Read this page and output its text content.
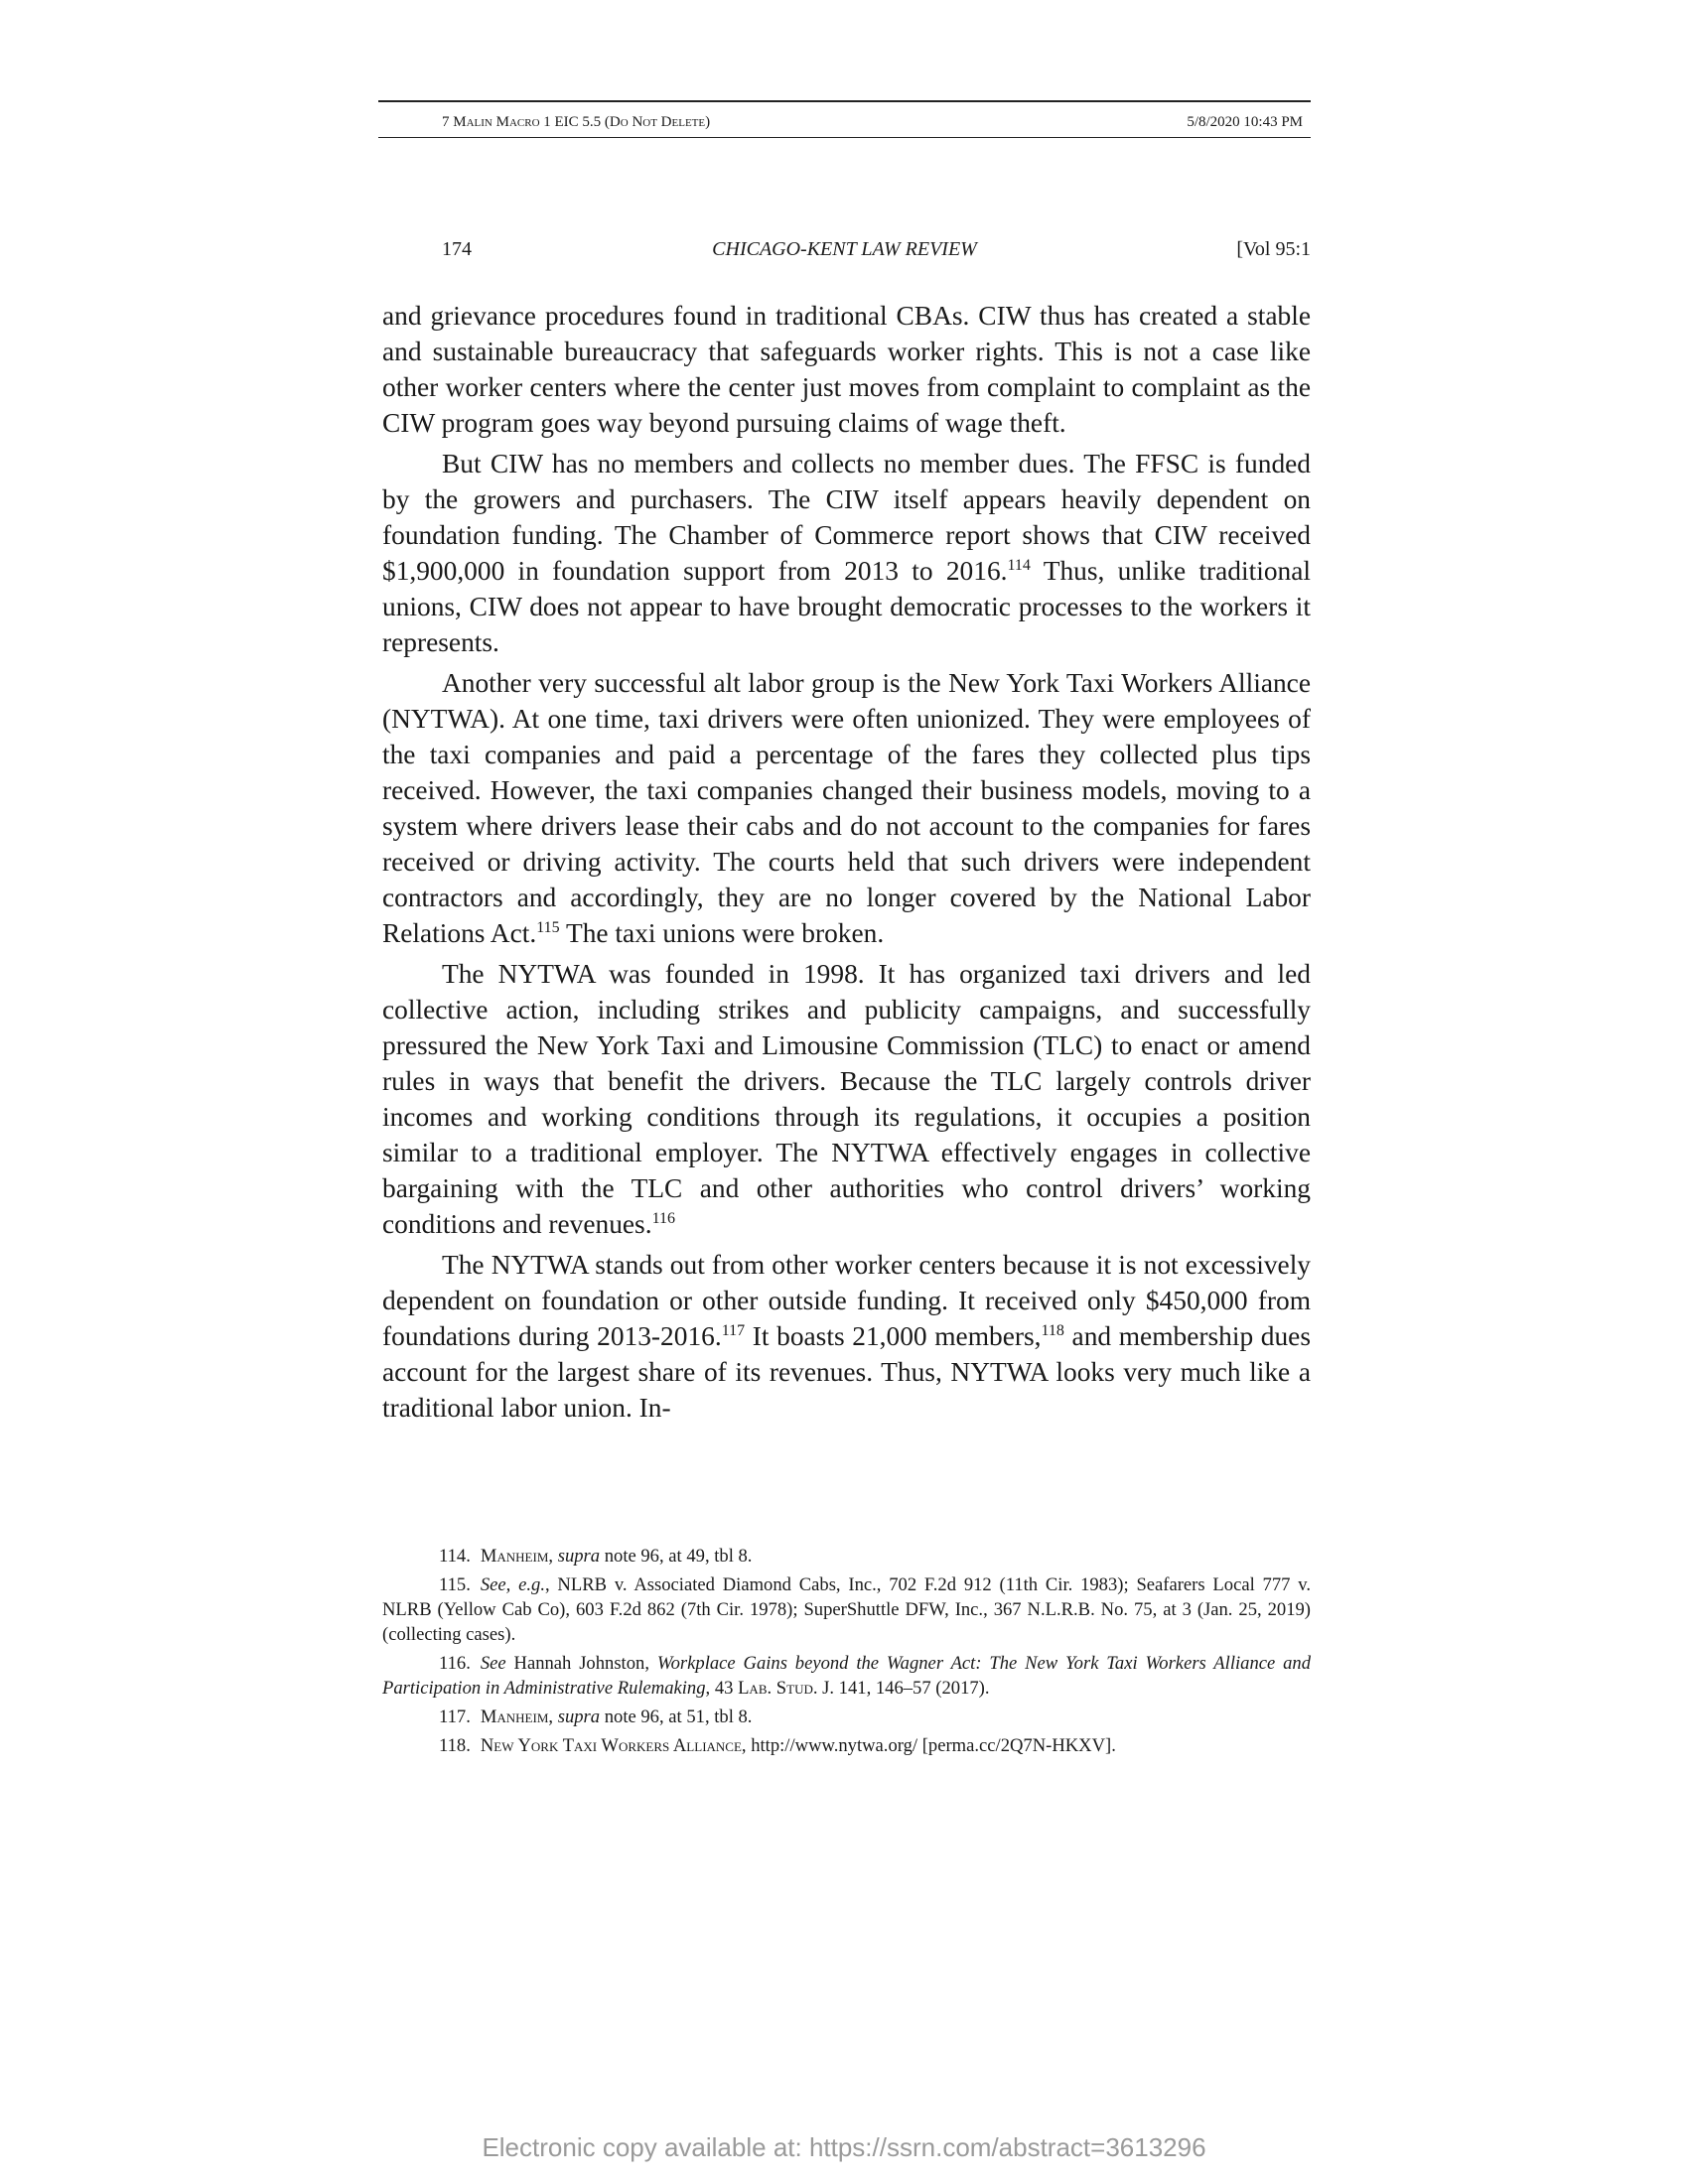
7 Malin Macro 1 EIC 5.5 (Do Not Delete)	5/8/2020 10:43 PM
CHICAGO-KENT LAW REVIEW
174	[Vol 95:1

and grievance procedures found in traditional CBAs. CIW thus has created a stable and sustainable bureaucracy that safeguards worker rights. This is not a case like other worker centers where the center just moves from complaint to complaint as the CIW program goes way beyond pursuing claims of wage theft.

But CIW has no members and collects no member dues. The FFSC is funded by the growers and purchasers. The CIW itself appears heavily dependent on foundation funding. The Chamber of Commerce report shows that CIW received $1,900,000 in foundation support from 2013 to 2016.$^{114}$ Thus, unlike traditional unions, CIW does not appear to have brought democratic processes to the workers it represents.

Another very successful alt labor group is the New York Taxi Workers Alliance (NYTWA). At one time, taxi drivers were often unionized. They were employees of the taxi companies and paid a percentage of the fares they collected plus tips received. However, the taxi companies changed their business models, moving to a system where drivers lease their cabs and do not account to the companies for fares received or driving activity. The courts held that such drivers were independent contractors and accordingly, they are no longer covered by the National Labor Relations Act.$^{115}$ The taxi unions were broken.

The NYTWA was founded in 1998. It has organized taxi drivers and led collective action, including strikes and publicity campaigns, and successfully pressured the New York Taxi and Limousine Commission (TLC) to enact or amend rules in ways that benefit the drivers. Because the TLC largely controls driver incomes and working conditions through its regulations, it occupies a position similar to a traditional employer. The NYTWA effectively engages in collective bargaining with the TLC and other authorities who control drivers’ working conditions and revenues.$^{116}$

The NYTWA stands out from other worker centers because it is not excessively dependent on foundation or other outside funding. It received only $450,000 from foundations during 2013-2016.$^{117}$ It boasts 21,000 members,$^{118}$ and membership dues account for the largest share of its revenues. Thus, NYTWA looks very much like a traditional labor union. In-

114. Manheim, supra note 96, at 49, tbl 8.

115. See, e.g., NLRB v. Associated Diamond Cabs, Inc., 702 F.2d 912 (11th Cir. 1983); Seafarers Local 777 v. NLRB (Yellow Cab Co), 603 F.2d 862 (7th Cir. 1978); SuperShuttle DFW, Inc., 367 N.L.R.B. No. 75, at 3 (Jan. 25, 2019) (collecting cases).

116. See Hannah Johnston, Workplace Gains beyond the Wagner Act: The New York Taxi Workers Alliance and Participation in Administrative Rulemaking, 43 Lab. Stud. J. 141, 146–57 (2017).

117. Manheim, supra note 96, at 51, tbl 8.

118. New York Taxi Workers Alliance, http://www.nytwa.org/ [perma.cc/2Q7N-HKXV].

Electronic copy available at: https://ssrn.com/abstract=3613296
